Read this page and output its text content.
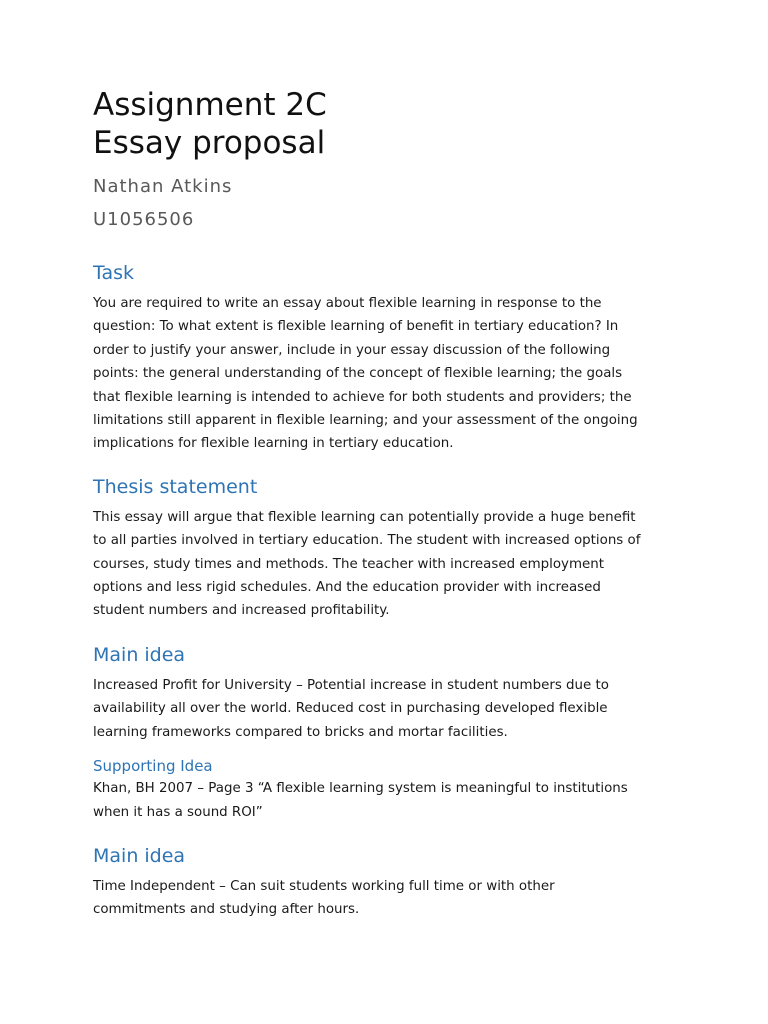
Assignment 2C
Essay proposal
Nathan Atkins
U1056506
Task

You are required to write an essay about flexible learning in response to the
question: To what extent is flexible learning of benefit in tertiary education? In
order to justify your answer, include in your essay discussion of the following
points: the general understanding of the concept of flexible learning; the goals
that flexible learning is intended to achieve for both students and providers; the
limitations still apparent in flexible learning; and your assessment of the ongoing
implications for flexible learning in tertiary education.

Thesis statement

This essay will argue that flexible learning can potentially provide a huge benefit
to all parties involved in tertiary education. The student with increased options of
courses, study times and methods. The teacher with increased employment
options and less rigid schedules. And the education provider with increased
student numbers and increased profitability.

Main idea

Increased Profit for University – Potential increase in student numbers due to
availability all over the world. Reduced cost in purchasing developed flexible
learning frameworks compared to bricks and mortar facilities.

Supporting Idea

Khan, BH 2007 – Page 3 “A flexible learning system is meaningful to institutions
when it has a sound ROI”

Main idea

Time Independent – Can suit students working full time or with other
commitments and studying after hours.
